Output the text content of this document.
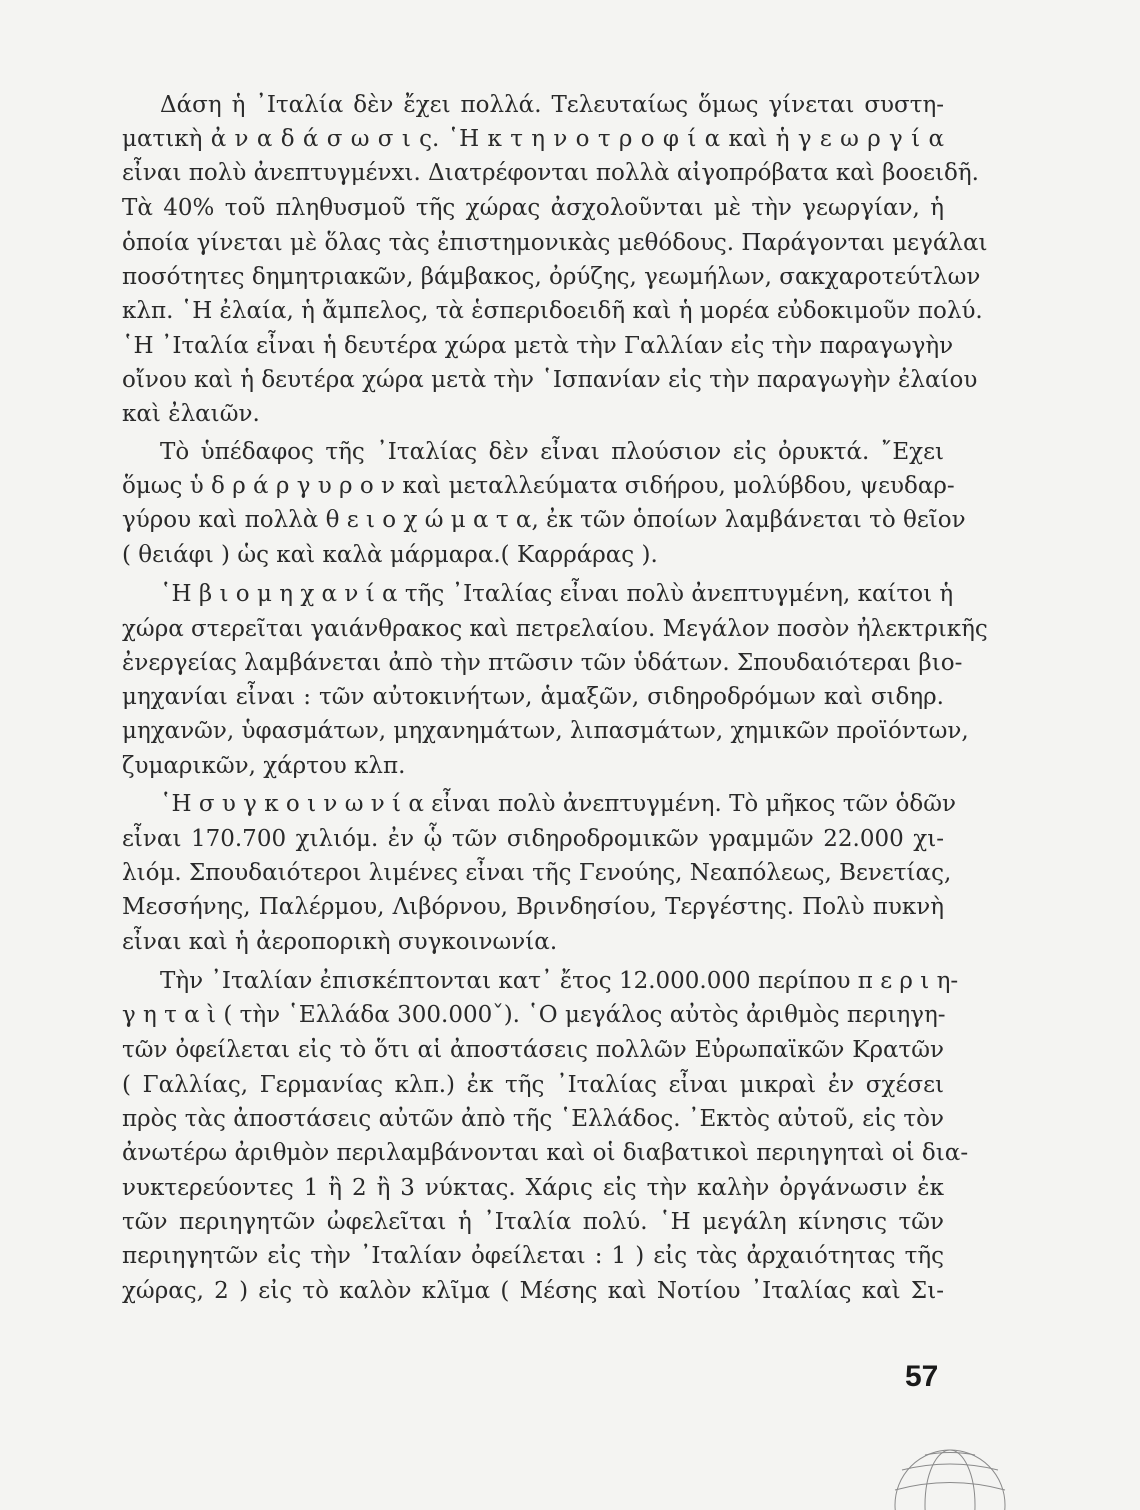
Δάση ἡ ᾿Ιταλία δὲν ἔχει πολλά. Τελευταίως ὅμως γίνεται συστη-
ματικὴ ἀ ν α δ ά σ ω σ ι ς. ῾Η κ τ η ν ο τ ρ ο φ ί α καὶ ἡ γ ε ω ρ γ ί α
εἶναι πολὺ ἀνεπτυγμένxι. Διατρέφονται πολλὰ αἰγοπρόβατα καὶ βοοειδῆ.
Τὰ 40% τοῦ πληθυσμοῦ τῆς χώρας ἀσχολοῦνται μὲ τὴν γεωργίαν, ἡ
ὁποία γίνεται μὲ ὅλας τὰς ἐπιστημονικὰς μεθόδους. Παράγονται μεγάλαι
ποσότητες δημητριακῶν, βάμβακος, ὀρύζης, γεωμήλων, σακχαροτεύτλων
κλπ. ῾Η ἐλαία, ἡ ἄμπελος, τὰ ἑσπεριδοειδῆ καὶ ἡ μορέα εὐδοκιμοῦν πολύ.
῾Η ᾿Ιταλία εἶναι ἡ δευτέρα χώρα μετὰ τὴν Γαλλίαν εἰς τὴν παραγωγὴν
οἴνου καὶ ἡ δευτέρα χώρα μετὰ τὴν ῾Ισπανίαν εἰς τὴν παραγωγὴν ἐλαίου
καὶ ἐλαιῶν.
Τὸ ὑπέδαφος τῆς ᾿Ιταλίας δὲν εἶναι πλούσιον εἰς ὀρυκτά. ῎Εχει
ὅμως ὑ δ ρ ά ρ γ υ ρ ο ν καὶ μεταλλεύματα σιδήρου, μολύβδου, ψευδαρ-
γύρου καὶ πολλὰ θ ε ι ο χ ώ μ α τ α, ἐκ τῶν ὁποίων λαμβάνεται τὸ θεῖον
( θειάφι ) ὡς καὶ καλὰ μάρμαρα.( Καρράρας ).
῾Η β ι ο μ η χ α ν ί α τῆς ᾿Ιταλίας εἶναι πολὺ ἀνεπτυγμένη, καίτοι ἡ
χώρα στερεῖται γαιάνθρακος καὶ πετρελαίου. Μεγάλον ποσὸν ἠλεκτρικῆς
ἐνεργείας λαμβάνεται ἀπὸ τὴν πτῶσιν τῶν ὑδάτων. Σπουδαιότεραι βιο-
μηχανίαι εἶναι : τῶν αὐτοκινήτων, ἁμαξῶν, σιδηροδρόμων καὶ σιδηρ.
μηχανῶν, ὑφασμάτων, μηχανημάτων, λιπασμάτων, χημικῶν προϊόντων,
ζυμαρικῶν, χάρτου κλπ.
῾Η σ υ γ κ ο ι ν ω ν ί α εἶναι πολὺ ἀνεπτυγμένη. Τὸ μῆκος τῶν ὁδῶν
εἶναι 170.700 χιλιόμ. ἐν ᾧ τῶν σιδηροδρομικῶν γραμμῶν 22.000 χι-
λιόμ. Σπουδαιότεροι λιμένες εἶναι τῆς Γενούης, Νεαπόλεως, Βενετίας,
Μεσσήνης, Παλέρμου, Λιβόρνου, Βρινδησίου, Τεργέστης. Πολὺ πυκνὴ
εἶναι καὶ ἡ ἀεροπορικὴ συγκοινωνία.
Τὴν ᾿Ιταλίαν ἐπισκέπτονται κατ᾿ ἔτος 12.000.000 περίπου π ε ρ ι η-
γ η τ α ὶ ( τὴν ῾Ελλάδα 300.000ˇ). ῾Ο μεγάλος αὐτὸς ἀριθμὸς περιηγη-
τῶν ὀφείλεται εἰς τὸ ὅτι αἱ ἀποστάσεις πολλῶν Εὐρωπαϊκῶν Κρατῶν
( Γαλλίας, Γερμανίας κλπ.) ἐκ τῆς ᾿Ιταλίας εἶναι μικραὶ ἐν σχέσει
πρὸς τὰς ἀποστάσεις αὐτῶν ἀπὸ τῆς ῾Ελλάδος. ᾿Εκτὸς αὐτοῦ, εἰς τὸν
ἀνωτέρω ἀριθμὸν περιλαμβάνονται καὶ οἱ διαβατικοὶ περιηγηταὶ οἱ δια-
νυκτερεύοντες 1 ἢ 2 ἢ 3 νύκτας. Χάρις εἰς τὴν καλὴν ὀργάνωσιν ἐκ
τῶν περιηγητῶν ὠφελεῖται ἡ ᾿Ιταλία πολύ. ῾Η μεγάλη κίνησις τῶν
περιηγητῶν εἰς τὴν ᾿Ιταλίαν ὀφείλεται : 1 ) εἰς τὰς ἀρχαιότητας τῆς
χώρας, 2 ) εἰς τὸ καλὸν κλῖμα ( Μέσης καὶ Νοτίου ᾿Ιταλίας καὶ Σι-
57
